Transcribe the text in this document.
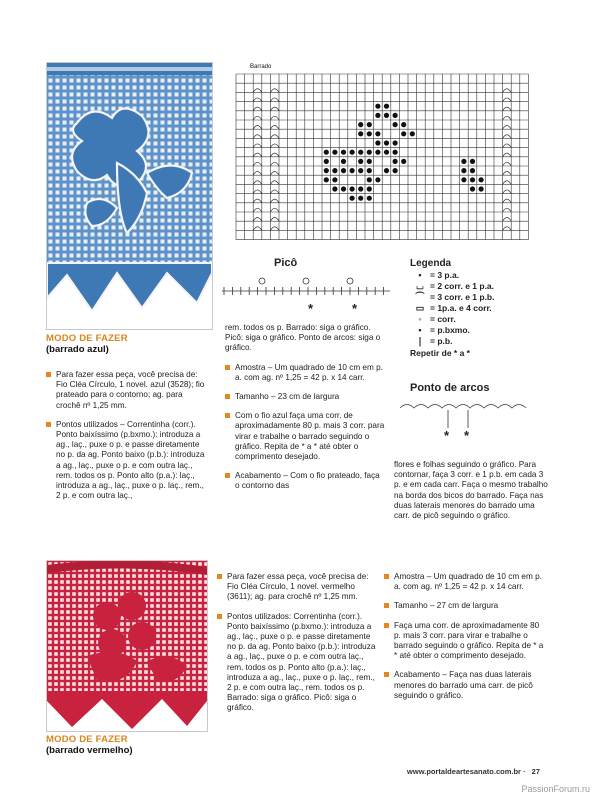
Barrado
Picô
*	*
Legenda
• = 3 p.a.
⌴ = 2 corr. e 1 p.a.
⏜ = 3 corr. e 1 p.b.
▭ = 1p.a. e 4 corr.
◦ = corr.
• = p.bxmo.
❘ = p.b.
Repetir de * a *
Ponto de arcos
* *
MODO DE FAZER
(barrado azul)
Para fazer essa peça, você precisa de: Fio Cléa Círculo, 1 novel. azul (3528); fio prateado para o contorno; ag. para crochê nº 1,25 mm.
Pontos utilizados – Correntinha (corr.). Ponto baixíssimo (p.bxmo.): introduza a ag., laç., puxe o p. e passe diretamente no p. da ag. Ponto baixo (p.b.): introduza a ag., laç., puxe o p. e com outra laç., rem. todos os p. Ponto alto (p.a.): laç., introduza a ag., laç., puxe o p. laç., rem., 2 p. e com outra laç.,
rem. todos os p. Barrado: siga o gráfico. Picô: siga o gráfico. Ponto de arcos: siga o gráfico.
Amostra – Um quadrado de 10 cm em p. a. com ag. nº 1,25 = 42 p. x 14 carr.
Tamanho – 23 cm de largura
Com o fio azul faça uma corr. de aproximadamente 80 p. mais 3 corr. para virar e trabalhe o barrado seguindo o gráfico. Repita de * a * até obter o comprimento desejado.
Acabamento – Com o fio prateado, faça o contorno das
flores e folhas seguindo o gráfico. Para contornar, faça 3 corr. e 1 p.b. em cada 3 p. e em cada carr. Faça o mesmo trabalho na borda dos bicos do barrado. Faça nas duas laterais menores do barrado uma carr. de picô seguindo o gráfico.
MODO DE FAZER
(barrado vermelho)
Para fazer essa peça, você precisa de: Fio Cléa Círculo, 1 novel. vermelho (3611); ag. para crochê nº 1,25 mm.
Pontos utilizados: Correntinha (corr.). Ponto baixíssimo (p.bxmo.): introduza a ag., laç., puxe o p. e passe diretamente no p. da ag. Ponto baixo (p.b.): introduza a ag., laç., puxe o p. e com outra laç., rem. todos os p. Ponto alto (p.a.): laç., introduza a ag., laç., puxe o p. laç., rem., 2 p. e com outra laç., rem. todos os p. Barrado: siga o gráfico. Picô: siga o gráfico.
Amostra – Um quadrado de 10 cm em p. a. com ag. nº 1,25 = 42 p. x 14 carr.
Tamanho – 27 cm de largura
Faça uma corr. de aproximadamente 80 p. mais 3 corr. para virar e trabalhe o barrado seguindo o gráfico. Repita de * a * até obter o comprimento desejado.
Acabamento – Faça nas duas laterais menores do barrado uma carr. de picô seguindo o gráfico.
www.portaldeartesanato.com.br · 27
PassionForum.ru
